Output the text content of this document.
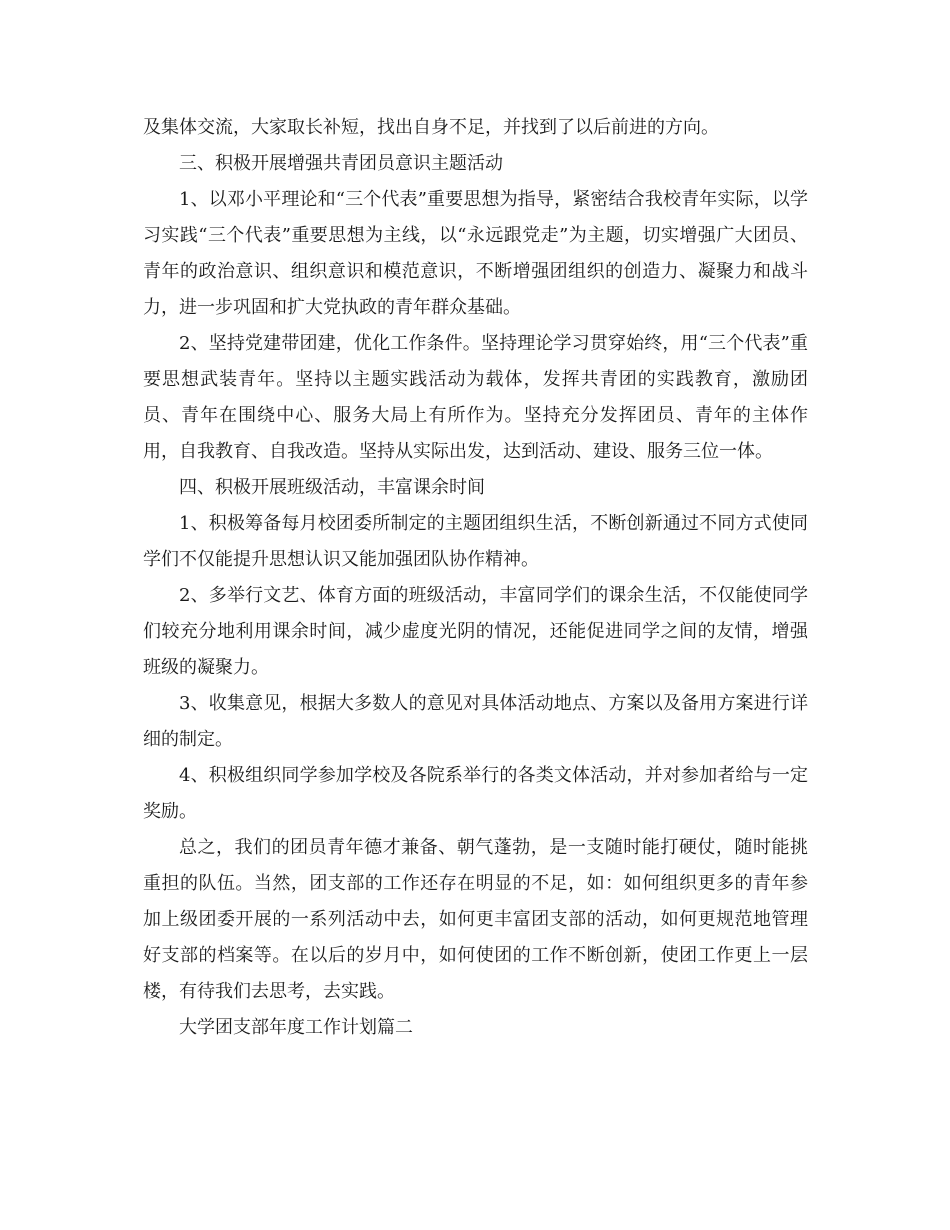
及集体交流，大家取长补短，找出自身不足，并找到了以后前进的方向。

三、积极开展增强共青团员意识主题活动

1、以邓小平理论和“三个代表”重要思想为指导，紧密结合我校青年实际，以学习实践“三个代表”重要思想为主线，以“永远跟党走”为主题，切实增强广大团员、青年的政治意识、组织意识和模范意识，不断增强团组织的创造力、凝聚力和战斗力，进一步巩固和扩大党执政的青年群众基础。

2、坚持党建带团建，优化工作条件。坚持理论学习贯穿始终，用“三个代表”重要思想武装青年。坚持以主题实践活动为载体，发挥共青团的实践教育，激励团员、青年在围绕中心、服务大局上有所作为。坚持充分发挥团员、青年的主体作用，自我教育、自我改造。坚持从实际出发，达到活动、建设、服务三位一体。

四、积极开展班级活动，丰富课余时间

1、积极筹备每月校团委所制定的主题团组织生活，不断创新通过不同方式使同学们不仅能提升思想认识又能加强团队协作精神。

2、多举行文艺、体育方面的班级活动，丰富同学们的课余生活，不仅能使同学们较充分地利用课余时间，减少虚度光阴的情况，还能促进同学之间的友情，增强班级的凝聚力。

3、收集意见，根据大多数人的意见对具体活动地点、方案以及备用方案进行详细的制定。

4、积极组织同学参加学校及各院系举行的各类文体活动，并对参加者给与一定奖励。

总之，我们的团员青年德才兼备、朝气蓬勃，是一支随时能打硬仗，随时能挑重担的队伍。当然，团支部的工作还存在明显的不足，如：如何组织更多的青年参加上级团委开展的一系列活动中去，如何更丰富团支部的活动，如何更规范地管理好支部的档案等。在以后的岁月中，如何使团的工作不断创新，使团工作更上一层楼，有待我们去思考，去实践。

大学团支部年度工作计划篇二
